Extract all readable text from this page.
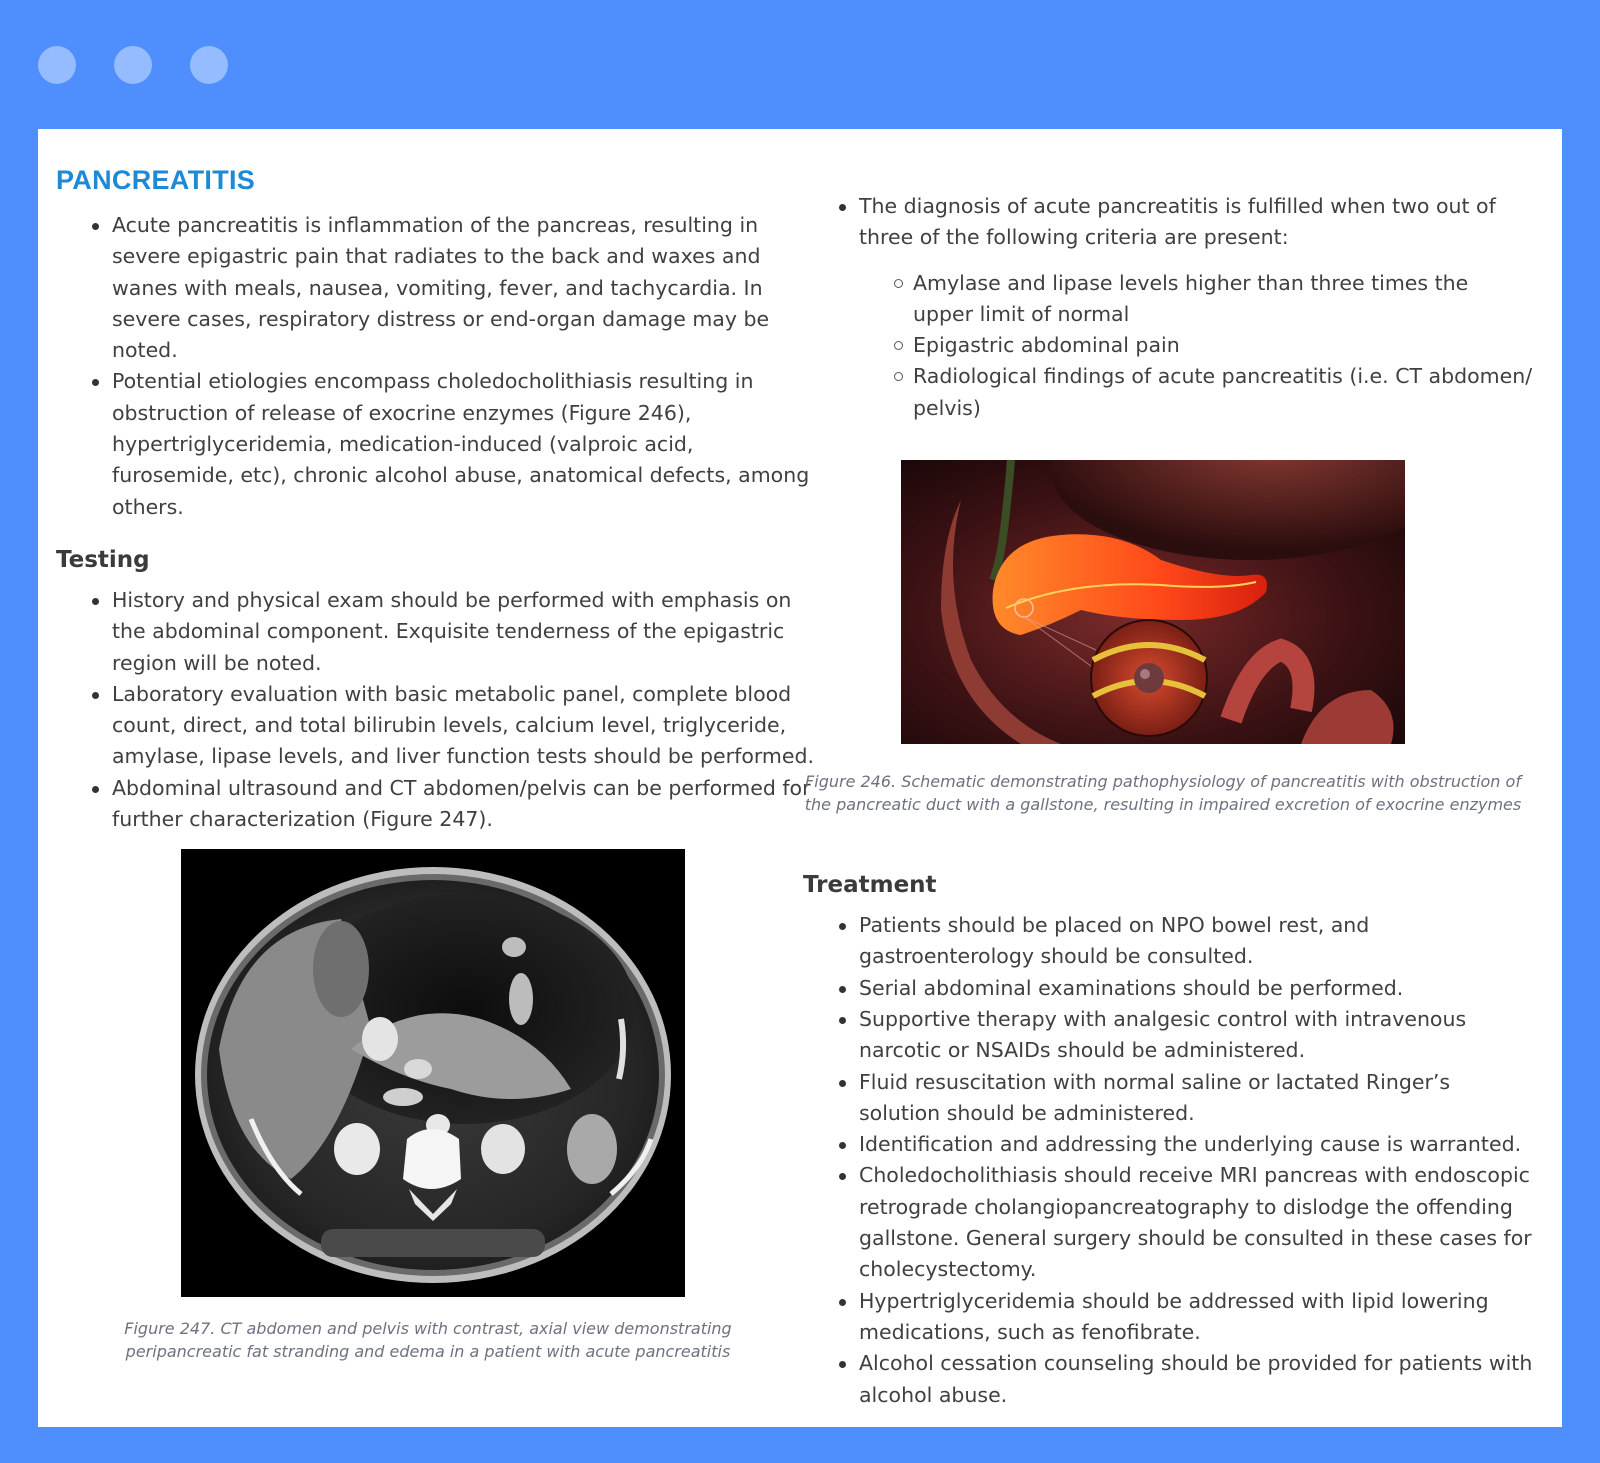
PANCREATITIS
Acute pancreatitis is inflammation of the pancreas, resulting in severe epigastric pain that radiates to the back and waxes and wanes with meals, nausea, vomiting, fever, and tachycardia. In severe cases, respiratory distress or end-organ damage may be noted.
Potential etiologies encompass choledocholithiasis resulting in obstruction of release of exocrine enzymes (Figure 246), hypertriglyceridemia, medication-induced (valproic acid, furosemide, etc), chronic alcohol abuse, anatomical defects, among others.
Testing
History and physical exam should be performed with emphasis on the abdominal component. Exquisite tenderness of the epigastric region will be noted.
Laboratory evaluation with basic metabolic panel, complete blood count, direct, and total bilirubin levels, calcium level, triglyceride, amylase, lipase levels, and liver function tests should be performed.
Abdominal ultrasound and CT abdomen/pelvis can be performed for further characterization (Figure 247).

Figure 247. CT abdomen and pelvis with contrast, axial view demonstrating peripancreatic fat stranding and edema in a patient with acute pancreatitis

The diagnosis of acute pancreatitis is fulfilled when two out of three of the following criteria are present:
Amylase and lipase levels higher than three times the upper limit of normal
Epigastric abdominal pain
Radiological findings of acute pancreatitis (i.e. CT abdomen/ pelvis)

Figure 246. Schematic demonstrating pathophysiology of pancreatitis with obstruction of the pancreatic duct with a gallstone, resulting in impaired excretion of exocrine enzymes

Treatment
Patients should be placed on NPO bowel rest, and gastroenterology should be consulted.
Serial abdominal examinations should be performed.
Supportive therapy with analgesic control with intravenous narcotic or NSAIDs should be administered.
Fluid resuscitation with normal saline or lactated Ringer’s solution should be administered.
Identification and addressing the underlying cause is warranted.
Choledocholithiasis should receive MRI pancreas with endoscopic retrograde cholangiopancreatography to dislodge the offending gallstone. General surgery should be consulted in these cases for cholecystectomy.
Hypertriglyceridemia should be addressed with lipid lowering medications, such as fenofibrate.
Alcohol cessation counseling should be provided for patients with alcohol abuse.
